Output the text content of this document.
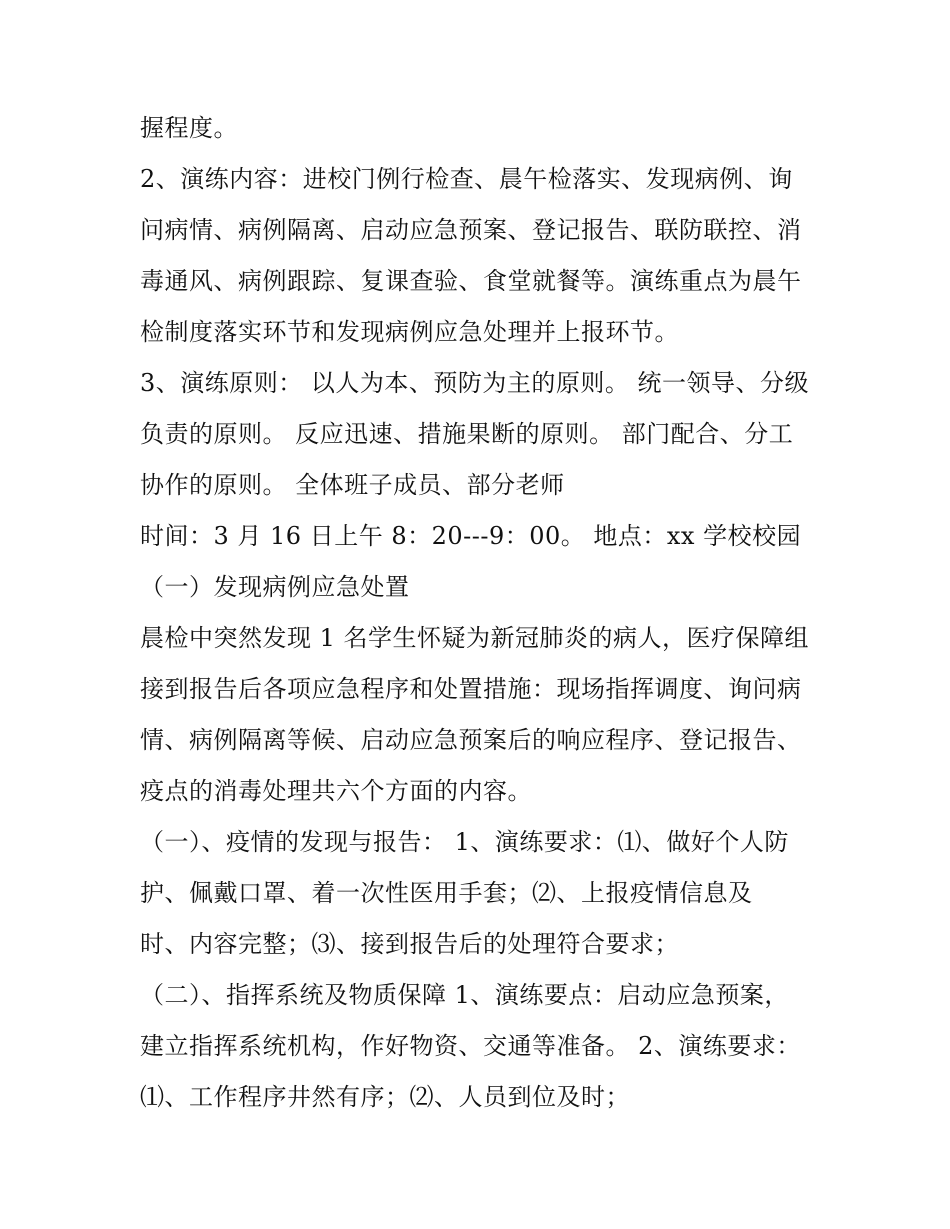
握程度。
2、演练内容：进校门例行检查、晨午检落实、发现病例、询
问病情、病例隔离、启动应急预案、登记报告、联防联控、消
毒通风、病例跟踪、复课查验、食堂就餐等。演练重点为晨午
检制度落实环节和发现病例应急处理并上报环节。
3、演练原则： 以人为本、预防为主的原则。 统一领导、分级
负责的原则。 反应迅速、措施果断的原则。 部门配合、分工
协作的原则。 全体班子成员、部分老师
时间：3 月 16 日上午 8：20---9：00。 地点：xx 学校校园
（一）发现病例应急处置
晨检中突然发现 1 名学生怀疑为新冠肺炎的病人，医疗保障组
接到报告后各项应急程序和处置措施：现场指挥调度、询问病
情、病例隔离等候、启动应急预案后的响应程序、登记报告、
疫点的消毒处理共六个方面的内容。
（一）、疫情的发现与报告： 1、演练要求：⑴、做好个人防
护、佩戴口罩、着一次性医用手套；⑵、上报疫情信息及
时、内容完整；⑶、接到报告后的处理符合要求；
（二）、指挥系统及物质保障 1、演练要点：启动应急预案，
建立指挥系统机构，作好物资、交通等准备。 2、演练要求：
⑴、工作程序井然有序；⑵、人员到位及时；
